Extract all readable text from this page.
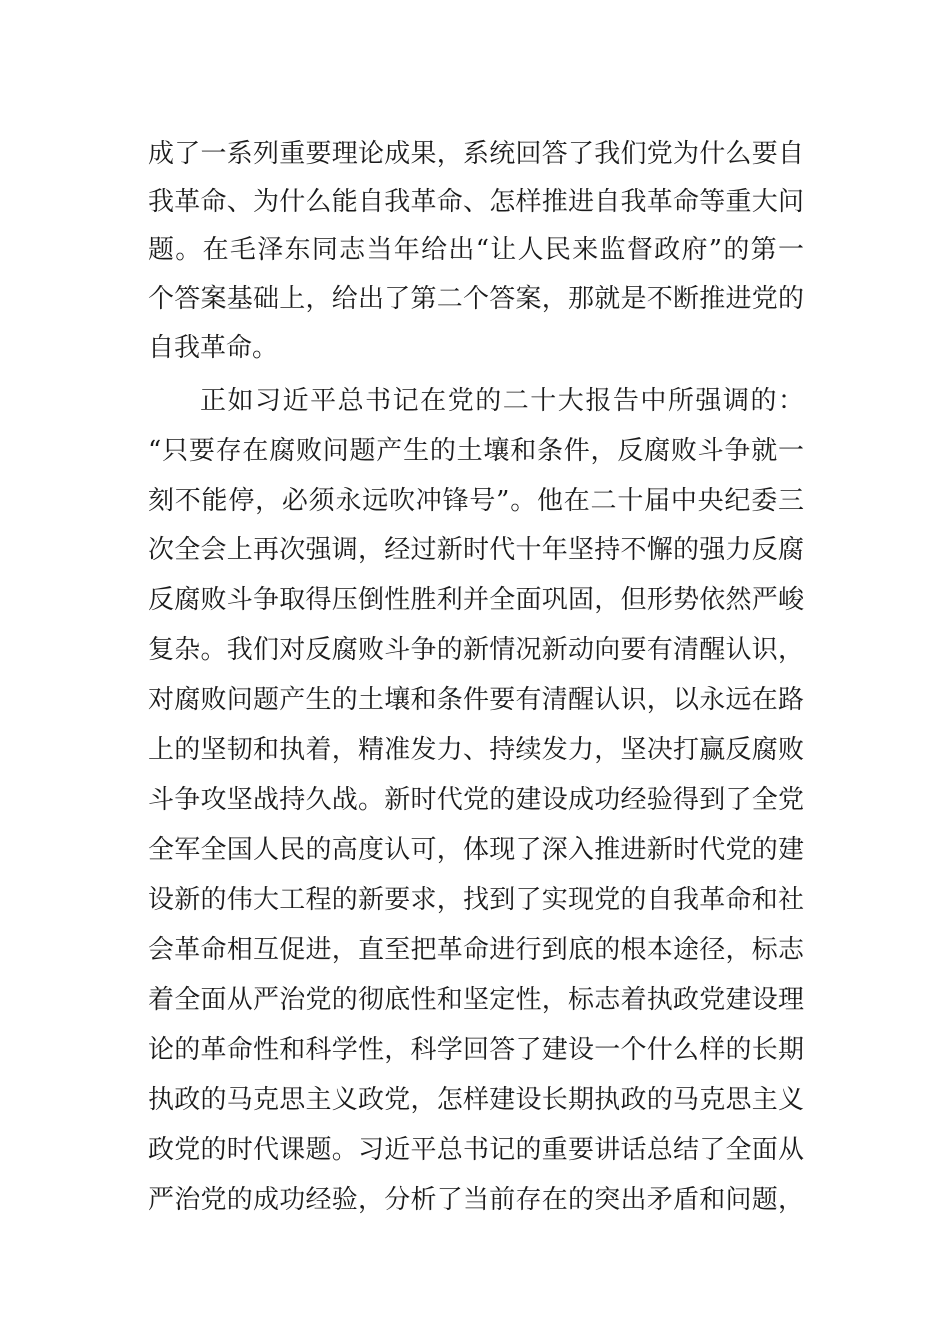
成了一系列重要理论成果，系统回答了我们党为什么要自
我革命、为什么能自我革命、怎样推进自我革命等重大问
题。在毛泽东同志当年给出“让人民来监督政府”的第一
个答案基础上，给出了第二个答案，那就是不断推进党的
自我革命。
正如习近平总书记在党的二十大报告中所强调的：
“只要存在腐败问题产生的土壤和条件，反腐败斗争就一
刻不能停，必须永远吹冲锋号”。他在二十届中央纪委三
次全会上再次强调，经过新时代十年坚持不懈的强力反腐
反腐败斗争取得压倒性胜利并全面巩固，但形势依然严峻
复杂。我们对反腐败斗争的新情况新动向要有清醒认识，
对腐败问题产生的土壤和条件要有清醒认识，以永远在路
上的坚韧和执着，精准发力、持续发力，坚决打赢反腐败
斗争攻坚战持久战。新时代党的建设成功经验得到了全党
全军全国人民的高度认可，体现了深入推进新时代党的建
设新的伟大工程的新要求，找到了实现党的自我革命和社
会革命相互促进，直至把革命进行到底的根本途径，标志
着全面从严治党的彻底性和坚定性，标志着执政党建设理
论的革命性和科学性，科学回答了建设一个什么样的长期
执政的马克思主义政党，怎样建设长期执政的马克思主义
政党的时代课题。习近平总书记的重要讲话总结了全面从
严治党的成功经验，分析了当前存在的突出矛盾和问题，
